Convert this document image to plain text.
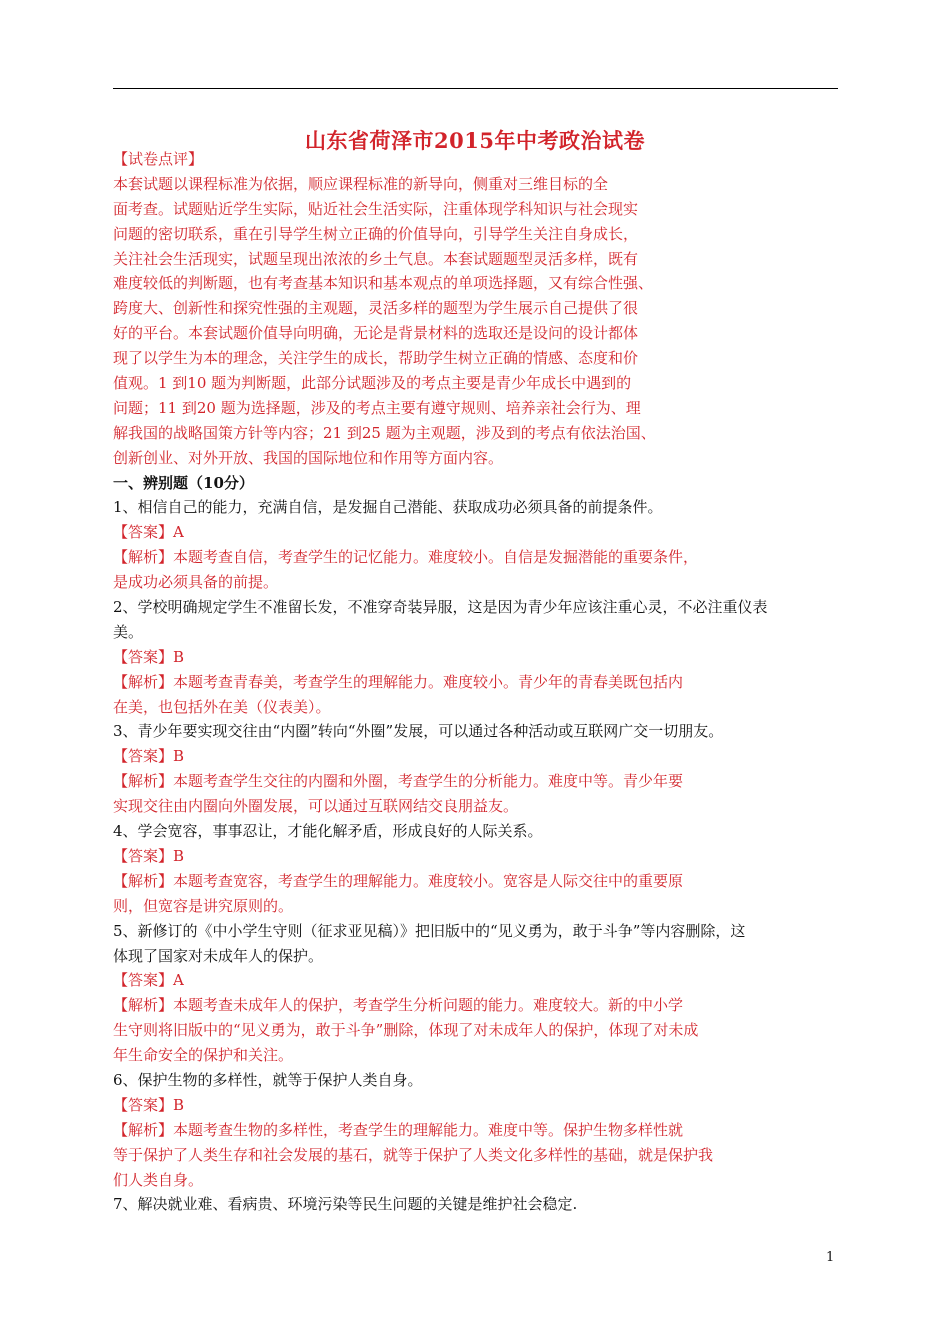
山东省荷泽市2015年中考政治试卷
【试卷点评】
本套试题以课程标准为依据，顺应课程标准的新导向，侧重对三维目标的全
面考查。试题贴近学生实际，贴近社会生活实际，注重体现学科知识与社会现实
问题的密切联系，重在引导学生树立正确的价值导向，引导学生关注自身成长，
关注社会生活现实，试题呈现出浓浓的乡土气息。本套试题题型灵活多样，既有
难度较低的判断题，也有考查基本知识和基本观点的单项选择题，又有综合性强、
跨度大、创新性和探究性强的主观题，灵活多样的题型为学生展示自己提供了很
好的平台。本套试题价值导向明确，无论是背景材料的选取还是设问的设计都体
现了以学生为本的理念，关注学生的成长，帮助学生树立正确的情感、态度和价
值观。1 到10 题为判断题，此部分试题涉及的考点主要是青少年成长中遇到的
问题；11 到20 题为选择题，涉及的考点主要有遵守规则、培养亲社会行为、理
解我国的战略国策方针等内容；21 到25 题为主观题，涉及到的考点有依法治国、
创新创业、对外开放、我国的国际地位和作用等方面内容。
一、辨别题（10分）
1、相信自己的能力，充满自信，是发掘自己潜能、获取成功必须具备的前提条件。
【答案】A
【解析】本题考查自信，考查学生的记忆能力。难度较小。自信是发掘潜能的重要条件，
是成功必须具备的前提。
2、学校明确规定学生不准留长发，不准穿奇装异服，这是因为青少年应该注重心灵，不必注重仪表
美。
【答案】B
【解析】本题考查青春美，考查学生的理解能力。难度较小。青少年的青春美既包括内
在美，也包括外在美（仪表美）。
3、青少年要实现交往由“内圈”转向“外圈”发展，可以通过各种活动或互联网广交一切朋友。
【答案】B
【解析】本题考查学生交往的内圈和外圈，考查学生的分析能力。难度中等。青少年要
实现交往由内圈向外圈发展，可以通过互联网结交良朋益友。
4、学会宽容，事事忍让，才能化解矛盾，形成良好的人际关系。
【答案】B
【解析】本题考查宽容，考查学生的理解能力。难度较小。宽容是人际交往中的重要原
则，但宽容是讲究原则的。
5、新修订的《中小学生守则（征求亚见稿）》把旧版中的“见义勇为，敢于斗争”等内容删除，这
体现了国家对未成年人的保护。
【答案】A
【解析】本题考查未成年人的保护，考查学生分析问题的能力。难度较大。新的中小学
生守则将旧版中的“见义勇为，敢于斗争”删除，体现了对未成年人的保护，体现了对未成
年生命安全的保护和关注。
6、保护生物的多样性，就等于保护人类自身。
【答案】B
【解析】本题考查生物的多样性，考查学生的理解能力。难度中等。保护生物多样性就
等于保护了人类生存和社会发展的基石，就等于保护了人类文化多样性的基础，就是保护我
们人类自身。
7、解决就业难、看病贵、环境污染等民生问题的关键是维护社会稳定.
1
